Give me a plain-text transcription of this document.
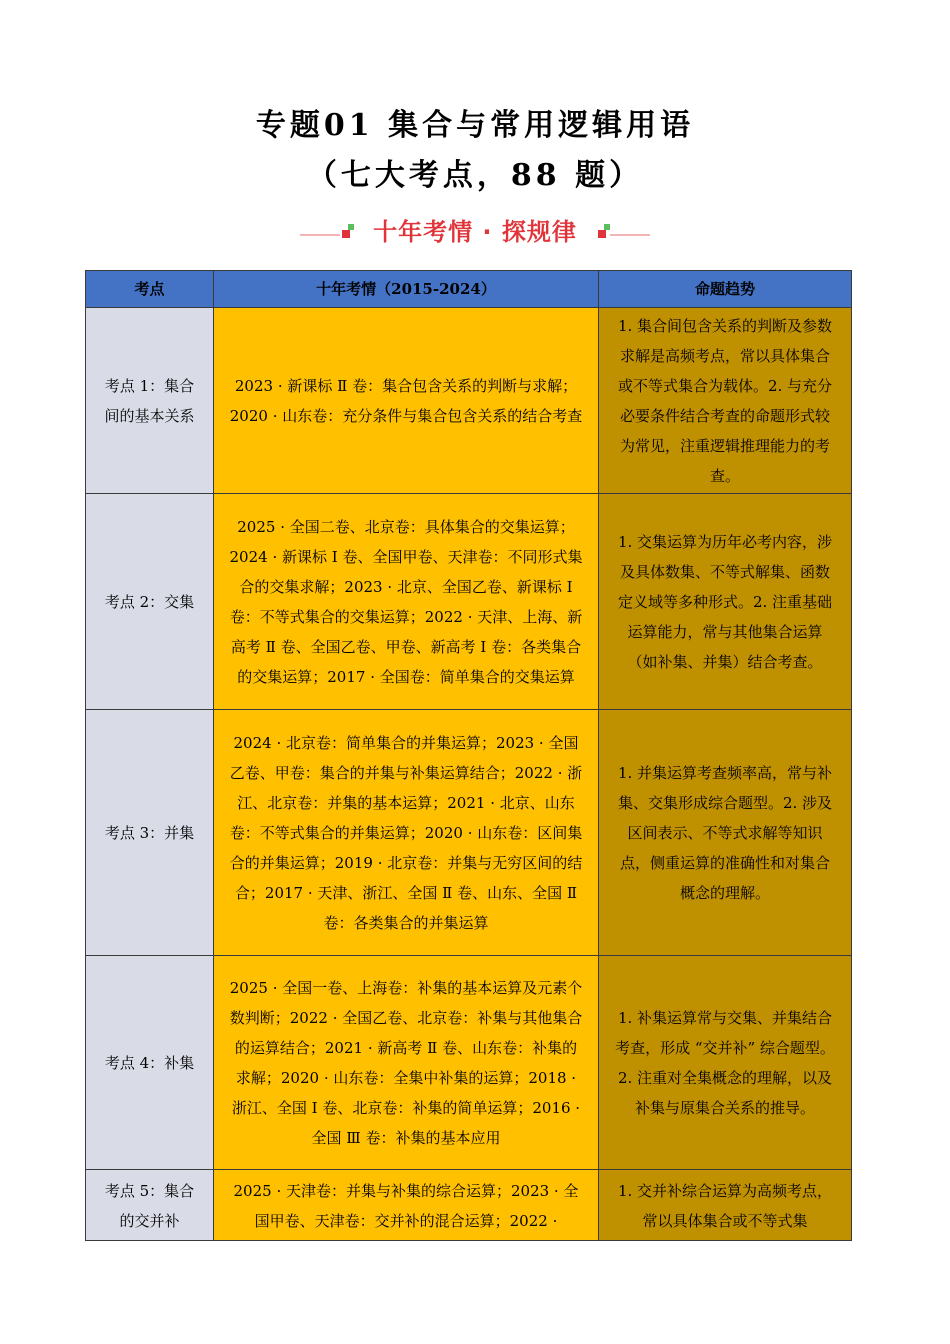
专题01 集合与常用逻辑用语
（七大考点，88 题）
十年考情 · 探规律
考点	十年考情（2015-2024）	命题趋势
考点 1：集合间的基本关系	2023 · 新课标 Ⅱ 卷：集合包含关系的判断与求解；2020 · 山东卷：充分条件与集合包含关系的结合考查	1. 集合间包含关系的判断及参数求解是高频考点，常以具体集合或不等式集合为载体。2. 与充分必要条件结合考查的命题形式较为常见，注重逻辑推理能力的考查。
考点 2：交集	2025 · 全国二卷、北京卷：具体集合的交集运算；2024 · 新课标 Ⅰ 卷、全国甲卷、天津卷：不同形式集合的交集求解；2023 · 北京、全国乙卷、新课标 Ⅰ 卷：不等式集合的交集运算；2022 · 天津、上海、新高考 Ⅱ 卷、全国乙卷、甲卷、新高考 Ⅰ 卷：各类集合的交集运算；2017 · 全国卷：简单集合的交集运算	1. 交集运算为历年必考内容，涉及具体数集、不等式解集、函数定义域等多种形式。2. 注重基础运算能力，常与其他集合运算（如补集、并集）结合考查。
考点 3：并集	2024 · 北京卷：简单集合的并集运算；2023 · 全国乙卷、甲卷：集合的并集与补集运算结合；2022 · 浙江、北京卷：并集的基本运算；2021 · 北京、山东卷：不等式集合的并集运算；2020 · 山东卷：区间集合的并集运算；2019 · 北京卷：并集与无穷区间的结合；2017 · 天津、浙江、全国 Ⅱ 卷、山东、全国 Ⅱ 卷：各类集合的并集运算	1. 并集运算考查频率高，常与补集、交集形成综合题型。2. 涉及区间表示、不等式求解等知识点，侧重运算的准确性和对集合概念的理解。
考点 4：补集	2025 · 全国一卷、上海卷：补集的基本运算及元素个数判断；2022 · 全国乙卷、北京卷：补集与其他集合的运算结合；2021 · 新高考 Ⅱ 卷、山东卷：补集的求解；2020 · 山东卷：全集中补集的运算；2018 · 浙江、全国 Ⅰ 卷、北京卷：补集的简单运算；2016 · 全国 Ⅲ 卷：补集的基本应用	1. 补集运算常与交集、并集结合考查，形成 “交并补” 综合题型。2. 注重对全集概念的理解，以及补集与原集合关系的推导。

考点 5：集合的交并补	2025 · 天津卷：并集与补集的综合运算；2023 · 全国甲卷、天津卷：交并补的混合运算；2022 ·	1. 交并补综合运算为高频考点，常以具体集合或不等式集
